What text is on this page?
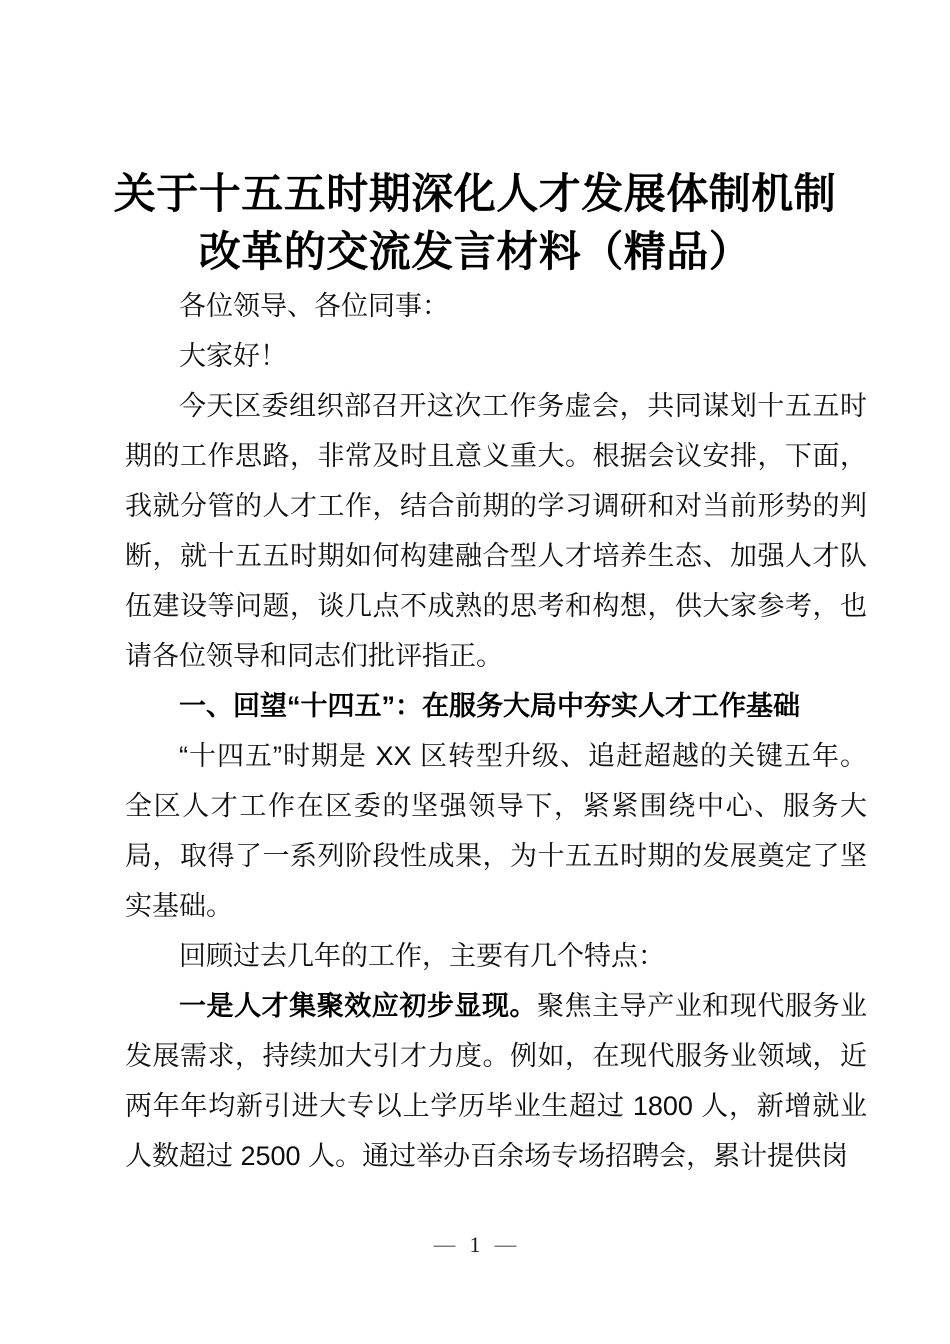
关于十五五时期深化人才发展体制机制
改革的交流发言材料（精品）

各位领导、各位同事：

大家好！

今天区委组织部召开这次工作务虚会，共同谋划十五五时期的工作思路，非常及时且意义重大。根据会议安排，下面，我就分管的人才工作，结合前期的学习调研和对当前形势的判断，就十五五时期如何构建融合型人才培养生态、加强人才队伍建设等问题，谈几点不成熟的思考和构想，供大家参考，也请各位领导和同志们批评指正。

一、回望“十四五”：在服务大局中夯实人才工作基础

“十四五”时期是 XX 区转型升级、追赶超越的关键五年。全区人才工作在区委的坚强领导下，紧紧围绕中心、服务大局，取得了一系列阶段性成果，为十五五时期的发展奠定了坚实基础。

回顾过去几年的工作，主要有几个特点：

一是人才集聚效应初步显现。聚焦主导产业和现代服务业发展需求，持续加大引才力度。例如，在现代服务业领域，近两年年均新引进大专以上学历毕业生超过 1800 人，新增就业人数超过 2500 人。通过举办百余场专场招聘会，累计提供岗

— 1 —
